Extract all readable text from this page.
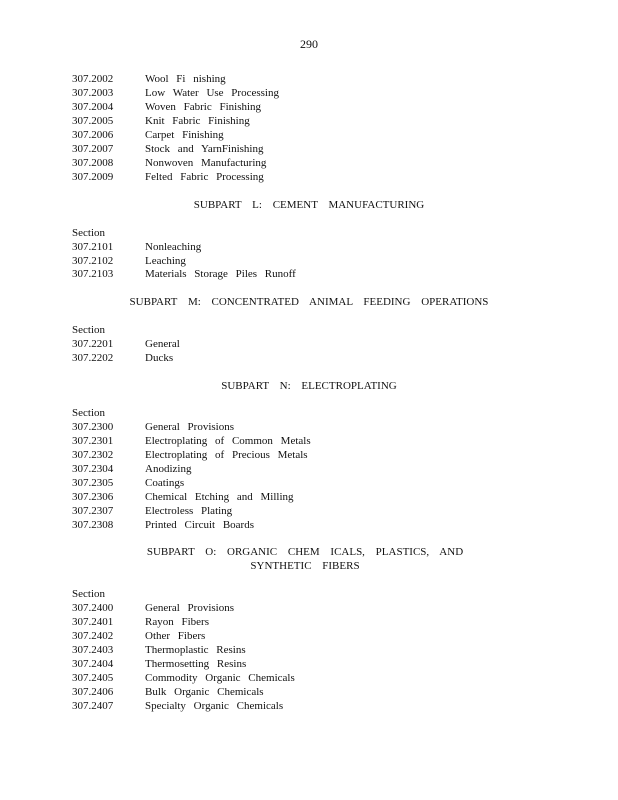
290
307.2002	Wool Fi nishing
307.2003	Low Water Use Processing
307.2004	Woven Fabric Finishing
307.2005	Knit Fabric Finishing
307.2006	Carpet Finishing
307.2007	Stock and YarnFinishing
307.2008	Nonwoven Manufacturing
307.2009	Felted Fabric Processing
SUBPART L: CEMENT MANUFACTURING
Section
307.2101	Nonleaching
307.2102	Leaching
307.2103	Materials Storage Piles Runoff
SUBPART M: CONCENTRATED ANIMAL FEEDING OPERATIONS
Section
307.2201	General
307.2202	Ducks
SUBPART N: ELECTROPLATING
Section
307.2300	General Provisions
307.2301	Electroplating of Common Metals
307.2302	Electroplating of Precious Metals
307.2304	Anodizing
307.2305	Coatings
307.2306	Chemical Etching and Milling
307.2307	Electroless Plating
307.2308	Printed Circuit Boards
SUBPART O: ORGANIC CHEM ICALS, PLASTICS, AND SYNTHETIC FIBERS
Section
307.2400	General Provisions
307.2401	Rayon Fibers
307.2402	Other Fibers
307.2403	Thermoplastic Resins
307.2404	Thermosetting Resins
307.2405	Commodity Organic Chemicals
307.2406	Bulk Organic Chemicals
307.2407	Specialty Organic Chemicals
